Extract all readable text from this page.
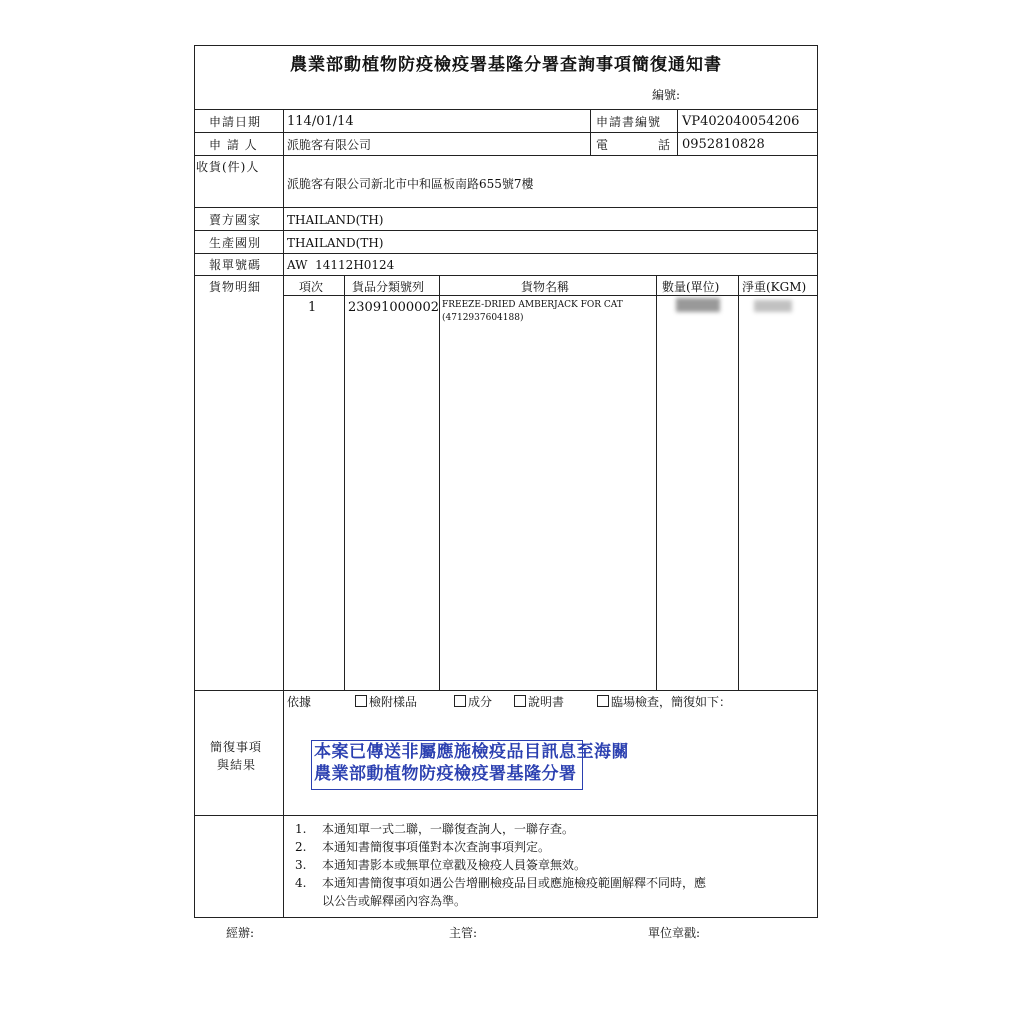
農業部動植物防疫檢疫署基隆分署查詢事項簡復通知書
編號:
申請日期 114/01/14	申請書編號 VP402040054206
申 請 人 派脆客有限公司	電	話 0952810828
收貨(件)人
派脆客有限公司新北市中和區板南路655號7樓
賣方國家 THAILAND(TH)
生產國別 THAILAND(TH)
報單號碼 AW  14112H0124
貨物明細	項次 貨品分類號列	貨物名稱	數量(單位) 淨重(KGM)
1 23091000002 FREEZE-DRIED AMBERJACK FOR CAT
(4712937604188)
簡復事項
與結果
依據	檢附樣品	成分	說明書	臨場檢查，簡復如下：
本案已傳送非屬應施檢疫品目訊息至海關
農業部動植物防疫檢疫署基隆分署
1. 本通知單一式二聯，一聯復查詢人，一聯存查。
2. 本通知書簡復事項僅對本次查詢事項判定。
3. 本通知書影本或無單位章戳及檢疫人員簽章無效。
4. 本通知書簡復事項如遇公告增刪檢疫品目或應施檢疫範圍解釋不同時，應
以公告或解釋函內容為準。
經辦:	主管:	單位章戳:
